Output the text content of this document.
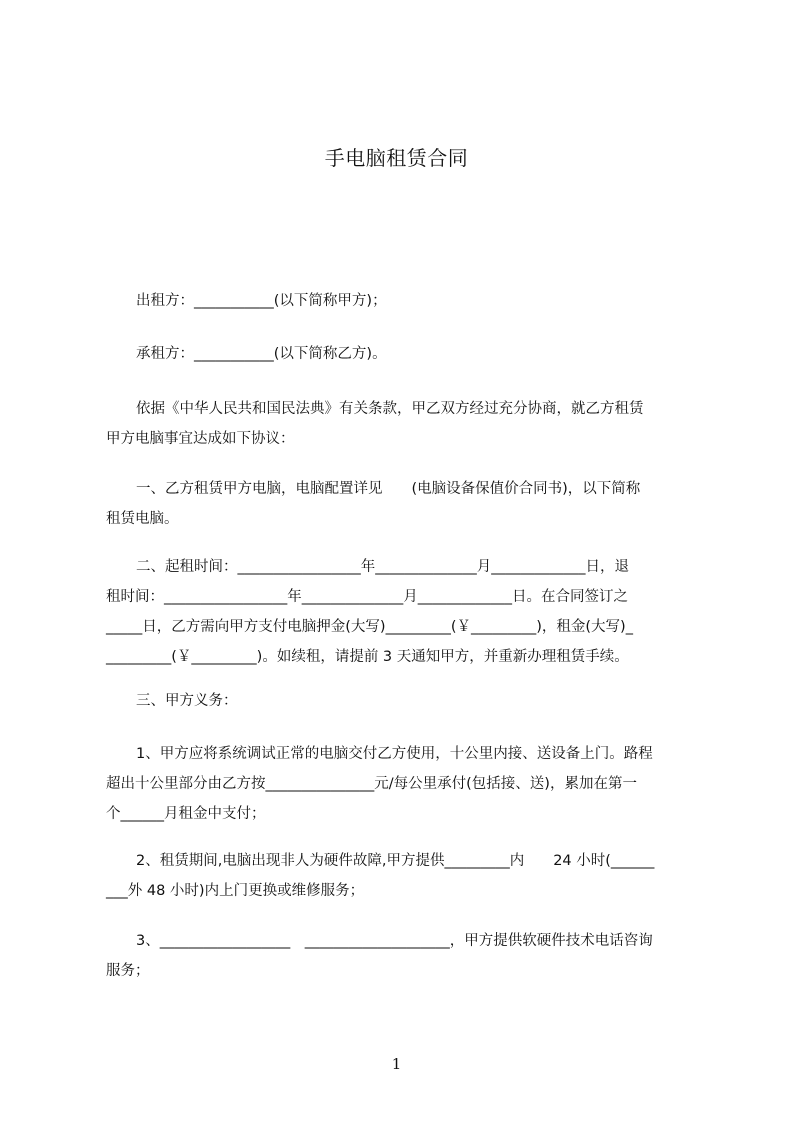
手电脑租赁合同
出租方：___________(以下简称甲方)；
承租方：___________(以下简称乙方)。
依据《中华人民共和国民法典》有关条款，甲乙双方经过充分协商，就乙方租赁
甲方电脑事宜达成如下协议：
一、乙方租赁甲方电脑，电脑配置详见　　(电脑设备保值价合同书)，以下简称
租赁电脑。
二、起租时间：_________________年______________月_____________日，退
租时间：_________________年______________月_____________日。在合同签订之
_____日，乙方需向甲方支付电脑押金(大写)_________(￥_________)，租金(大写)_
_________(￥_________)。如续租，请提前 3 天通知甲方，并重新办理租赁手续。
三、甲方义务：
1、甲方应将系统调试正常的电脑交付乙方使用，十公里内接、送设备上门。路程
超出十公里部分由乙方按_______________元/每公里承付(包括接、送)，累加在第一
个______月租金中支付；
2、租赁期间,电脑出现非人为硬件故障,甲方提供_________内　　24 小时(______
___外 48 小时)内上门更换或维修服务；
3、__________________　____________________，甲方提供软硬件技术电话咨询
服务；
1
